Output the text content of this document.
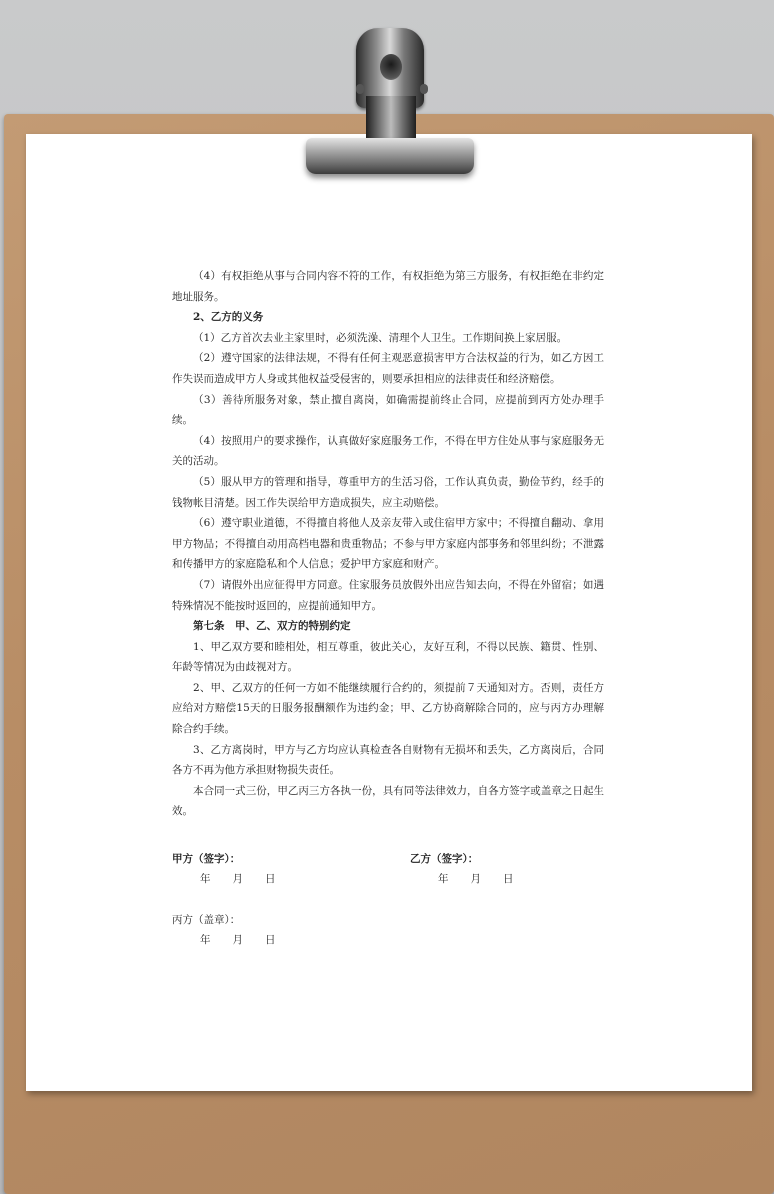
（4）有权拒绝从事与合同内容不符的工作，有权拒绝为第三方服务，有权拒绝在非约定地址服务。

2、乙方的义务

（1）乙方首次去业主家里时，必须洗澡、清理个人卫生。工作期间换上家居服。

（2）遵守国家的法律法规，不得有任何主观恶意损害甲方合法权益的行为，如乙方因工作失误而造成甲方人身或其他权益受侵害的，则要承担相应的法律责任和经济赔偿。

（3）善待所服务对象，禁止擅自离岗，如确需提前终止合同，应提前到丙方处办理手续。

（4）按照用户的要求操作，认真做好家庭服务工作，不得在甲方住处从事与家庭服务无关的活动。

（5）服从甲方的管理和指导，尊重甲方的生活习俗，工作认真负责，勤俭节约，经手的钱物帐目清楚。因工作失误给甲方造成损失，应主动赔偿。

（6）遵守职业道德，不得擅自将他人及亲友带入或住宿甲方家中；不得擅自翻动、拿用甲方物品；不得擅自动用高档电器和贵重物品；不参与甲方家庭内部事务和邻里纠纷；不泄露和传播甲方的家庭隐私和个人信息；爱护甲方家庭和财产。

（7）请假外出应征得甲方同意。住家服务员放假外出应告知去向，不得在外留宿；如遇特殊情况不能按时返回的，应提前通知甲方。

第七条　甲、乙、双方的特别约定

1、甲乙双方要和睦相处，相互尊重，彼此关心，友好互利，不得以民族、籍贯、性别、年龄等情况为由歧视对方。

2、甲、乙双方的任何一方如不能继续履行合约的，须提前７天通知对方。否则，责任方应给对方赔偿15天的日服务报酬额作为违约金；甲、乙方协商解除合同的，应与丙方办理解除合约手续。

3、乙方离岗时，甲方与乙方均应认真检查各自财物有无损坏和丢失，乙方离岗后，合同各方不再为他方承担财物损失责任。

本合同一式三份，甲乙丙三方各执一份，具有同等法律效力，自各方签字或盖章之日起生效。

甲方（签字）：
年 月 日
乙方（签字）：
年 月 日
丙方（盖章）：
年 月 日
